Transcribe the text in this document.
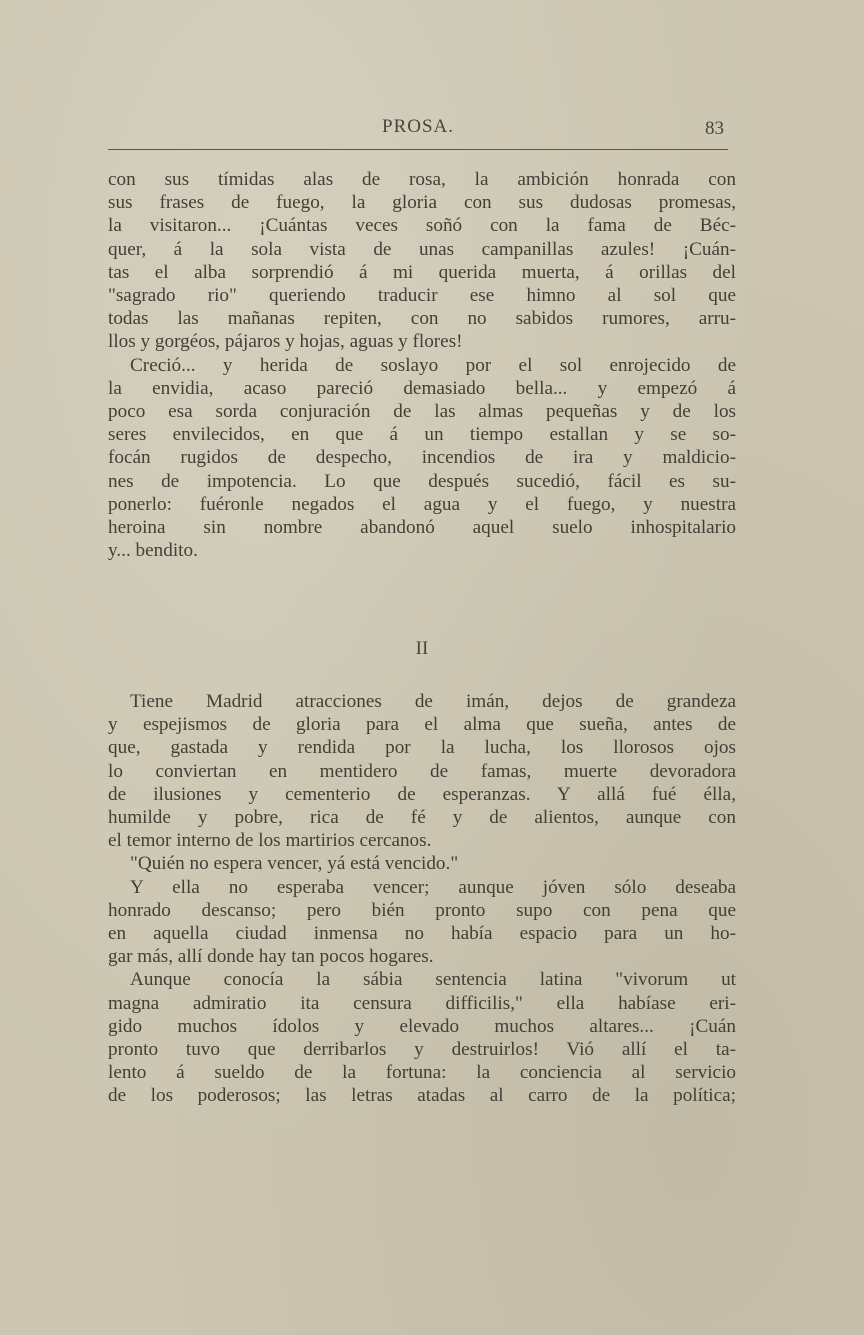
PROSA.	83
con sus tímidas alas de rosa, la ambición honrada con
sus frases de fuego, la gloria con sus dudosas promesas,
la visitaron... ¡Cuántas veces soñó con la fama de Béc-
quer, á la sola vista de unas campanillas azules! ¡Cuán-
tas el alba sorprendió á mi querida muerta, á orillas del
"sagrado rio" queriendo traducir ese himno al sol que
todas las mañanas repiten, con no sabidos rumores, arru-
llos y gorgéos, pájaros y hojas, aguas y flores!
Creció... y herida de soslayo por el sol enrojecido de
la envidia, acaso pareció demasiado bella... y empezó á
poco esa sorda conjuración de las almas pequeñas y de los
seres envilecidos, en que á un tiempo estallan y se so-
focán rugidos de despecho, incendios de ira y maldicio-
nes de impotencia. Lo que después sucedió, fácil es su-
ponerlo: fuéronle negados el agua y el fuego, y nuestra
heroina sin nombre abandonó aquel suelo inhospitalario
y... bendito.
II
Tiene Madrid atracciones de imán, dejos de grandeza
y espejismos de gloria para el alma que sueña, antes de
que, gastada y rendida por la lucha, los llorosos ojos
lo conviertan en mentidero de famas, muerte devoradora
de ilusiones y cementerio de esperanzas. Y allá fué élla,
humilde y pobre, rica de fé y de alientos, aunque con
el temor interno de los martirios cercanos.
"Quién no espera vencer, yá está vencido."
Y ella no esperaba vencer; aunque jóven sólo deseaba
honrado descanso; pero bién pronto supo con pena que
en aquella ciudad inmensa no había espacio para un ho-
gar más, allí donde hay tan pocos hogares.
Aunque conocía la sábia sentencia latina "vivorum ut
magna admiratio ita censura difficilis," ella habíase eri-
gido muchos ídolos y elevado muchos altares... ¡Cuán
pronto tuvo que derribarlos y destruirlos! Vió allí el ta-
lento á sueldo de la fortuna: la conciencia al servicio
de los poderosos; las letras atadas al carro de la política;
